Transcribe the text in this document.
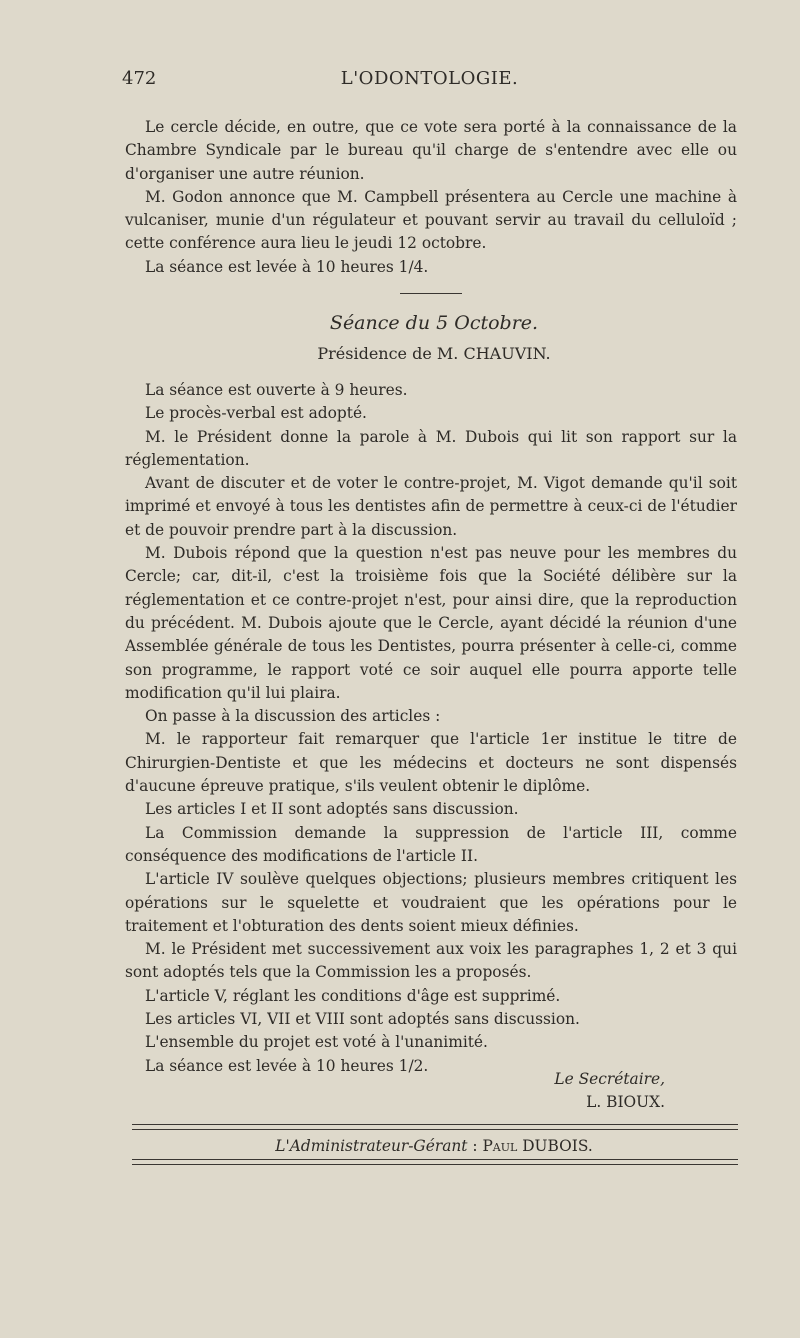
472	L'ODONTOLOGIE.

Le cercle décide, en outre, que ce vote sera porté à la connaissance de la Chambre Syndicale par le bureau qu'il charge de s'entendre avec elle ou d'organiser une autre réunion.

M. Godon annonce que M. Campbell présentera au Cercle une machine à vulcaniser, munie d'un régulateur et pouvant servir au travail du celluloïd ; cette conférence aura lieu le jeudi 12 octobre.

La séance est levée à 10 heures 1/4.

Séance du 5 Octobre.
Présidence de M. CHAUVIN.

La séance est ouverte à 9 heures.

Le procès-verbal est adopté.

M. le Président donne la parole à M. Dubois qui lit son rapport sur la réglementation.

Avant de discuter et de voter le contre-projet, M. Vigot demande qu'il soit imprimé et envoyé à tous les dentistes afin de permettre à ceux-ci de l'étudier et de pouvoir prendre part à la discussion.

M. Dubois répond que la question n'est pas neuve pour les membres du Cercle; car, dit-il, c'est la troisième fois que la Société délibère sur la réglementation et ce contre-projet n'est, pour ainsi dire, que la reproduction du précédent. M. Dubois ajoute que le Cercle, ayant décidé la réunion d'une Assemblée générale de tous les Dentistes, pourra présenter à celle-ci, comme son programme, le rapport voté ce soir auquel elle pourra apporte telle modification qu'il lui plaira.

On passe à la discussion des articles :

M. le rapporteur fait remarquer que l'article 1er institue le titre de Chirurgien-Dentiste et que les médecins et docteurs ne sont dispensés d'aucune épreuve pratique, s'ils veulent obtenir le diplôme.

Les articles I et II sont adoptés sans discussion.

La Commission demande la suppression de l'article III, comme conséquence des modifications de l'article II.

L'article IV soulève quelques objections; plusieurs membres critiquent les opérations sur le squelette et voudraient que les opérations pour le traitement et l'obturation des dents soient mieux définies.

M. le Président met successivement aux voix les paragraphes 1, 2 et 3 qui sont adoptés tels que la Commission les a proposés.

L'article V, réglant les conditions d'âge est supprimé.

Les articles VI, VII et VIII sont adoptés sans discussion.

L'ensemble du projet est voté à l'unanimité.

La séance est levée à 10 heures 1/2.

Le Secrétaire,
L. BIOUX.
L'Administrateur-Gérant : Paul DUBOIS.
